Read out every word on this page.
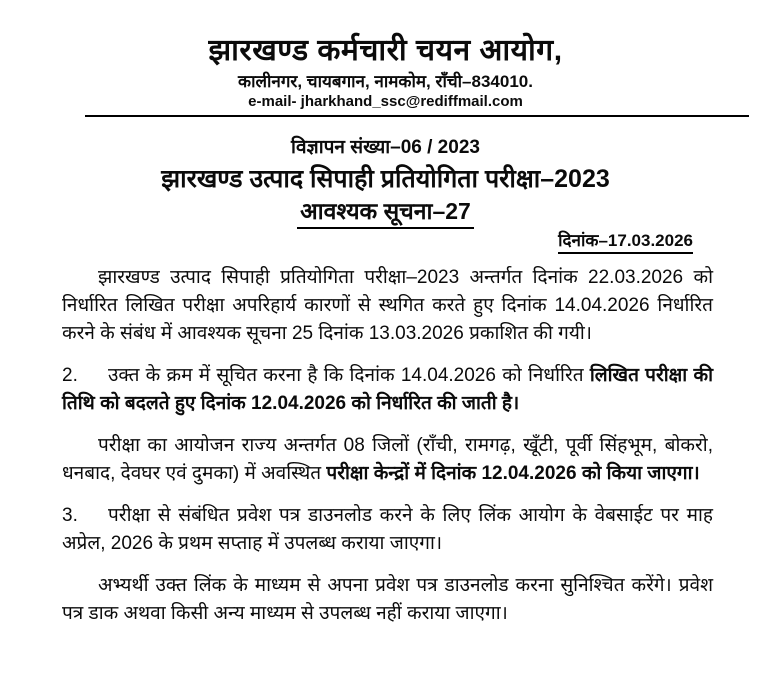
झारखण्ड कर्मचारी चयन आयोग,
कालीनगर, चायबगान, नामकोम, राँची–834010.
e-mail- jharkhand_ssc@rediffmail.com
विज्ञापन संख्या–06 / 2023
झारखण्ड उत्पाद सिपाही प्रतियोगिता परीक्षा–2023
आवश्यक सूचना–27
दिनांक–17.03.2026

झारखण्ड उत्पाद सिपाही प्रतियोगिता परीक्षा–2023 अन्तर्गत दिनांक 22.03.2026 को निर्धारित लिखित परीक्षा अपरिहार्य कारणों से स्थगित करते हुए दिनांक 14.04.2026 निर्धारित करने के संबंध में आवश्यक सूचना 25 दिनांक 13.03.2026 प्रकाशित की गयी।

2. उक्त के क्रम में सूचित करना है कि दिनांक 14.04.2026 को निर्धारित लिखित परीक्षा की तिथि को बदलते हुए दिनांक 12.04.2026 को निर्धारित की जाती है।

परीक्षा का आयोजन राज्य अन्तर्गत 08 जिलों (राँची, रामगढ़, खूँटी, पूर्वी सिंहभूम, बोकरो, धनबाद, देवघर एवं दुमका) में अवस्थित परीक्षा केन्द्रों में दिनांक 12.04.2026 को किया जाएगा।

3. परीक्षा से संबंधित प्रवेश पत्र डाउनलोड करने के लिए लिंक आयोग के वेबसाईट पर माह अप्रेल, 2026 के प्रथम सप्ताह में उपलब्ध कराया जाएगा।

अभ्यर्थी उक्त लिंक के माध्यम से अपना प्रवेश पत्र डाउनलोड करना सुनिश्चित करेंगे। प्रवेश पत्र डाक अथवा किसी अन्य माध्यम से उपलब्ध नहीं कराया जाएगा।
